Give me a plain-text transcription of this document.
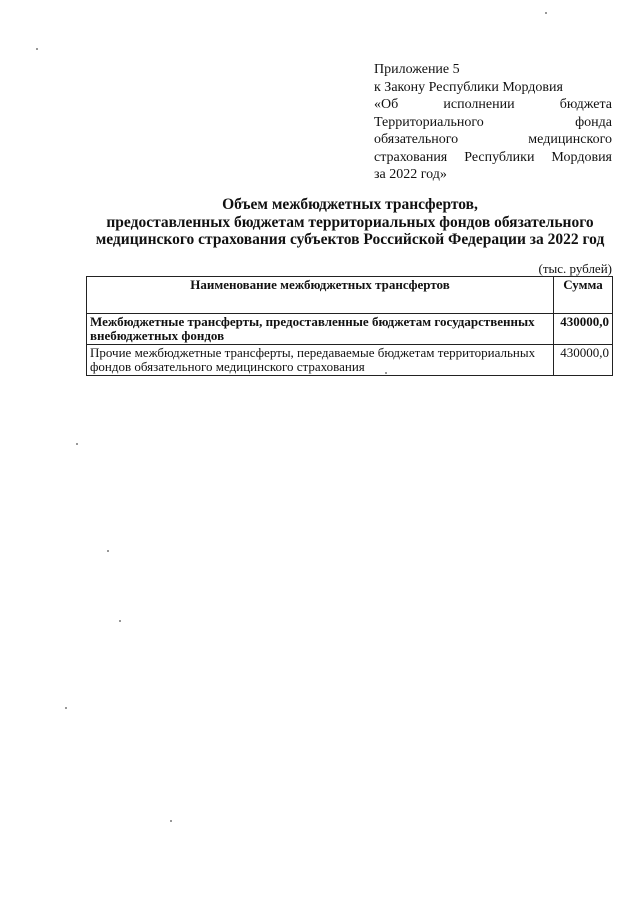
Приложение 5
к Закону Республики Мордовия
«Об исполнении бюджета
Территориального фонда
обязательного медицинского
страхования Республики Мордовия
за 2022 год»
Объем межбюджетных трансфертов,
предоставленных бюджетам территориальных фондов обязательного
медицинского страхования субъектов Российской Федерации за 2022 год
(тыс. рублей)
Наименование межбюджетных трансфертов	Сумма
Межбюджетные трансферты, предоставленные бюджетам государственных внебюджетных фондов	430000,0
Прочие межбюджетные трансферты, передаваемые бюджетам территориальных фондов обязательного медицинского страхования	430000,0
